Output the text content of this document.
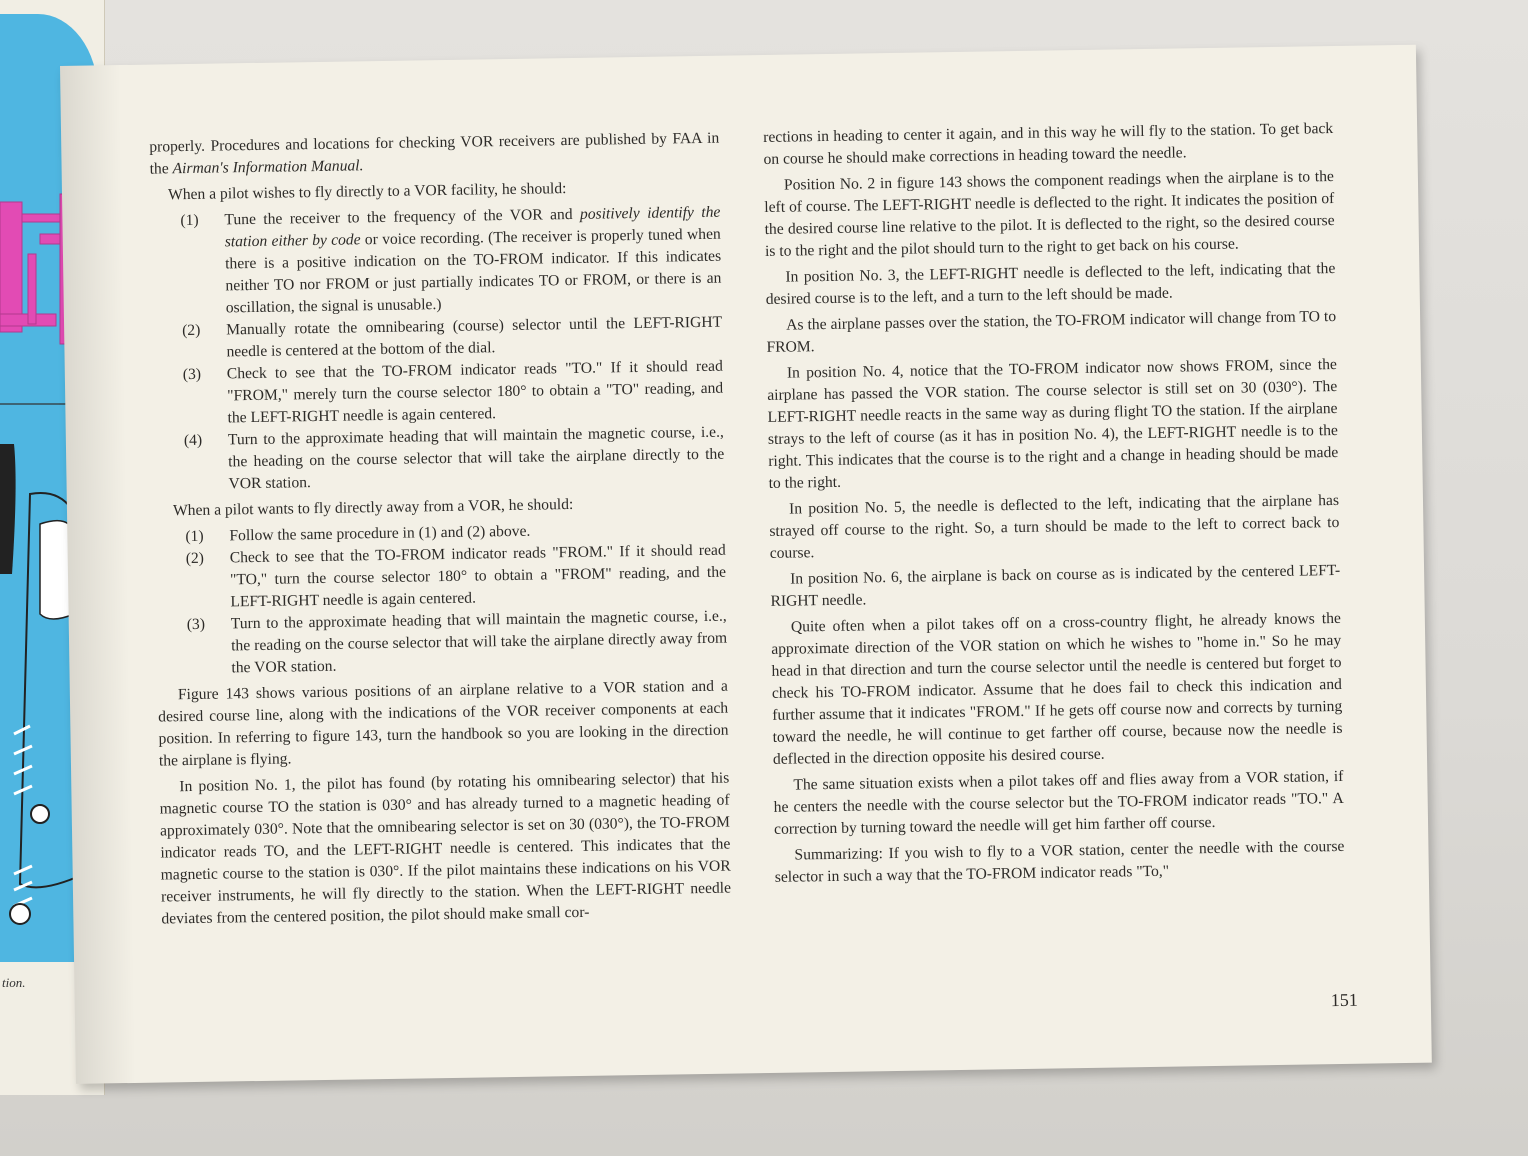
tion.

properly. Procedures and locations for checking VOR receivers are published by FAA in the Airman's Information Manual.

When a pilot wishes to fly directly to a VOR facility, he should:

(1) Tune the receiver to the frequency of the VOR and positively identify the station either by code or voice recording. (The receiver is properly tuned when there is a positive indication on the TO-FROM indicator. If this indicates neither TO nor FROM or just partially indicates TO or FROM, or there is an oscillation, the signal is unusable.)
(2) Manually rotate the omnibearing (course) selector until the LEFT-RIGHT needle is centered at the bottom of the dial.
(3) Check to see that the TO-FROM indicator reads "TO." If it should read "FROM," merely turn the course selector 180° to obtain a "TO" reading, and the LEFT-RIGHT needle is again centered.
(4) Turn to the approximate heading that will maintain the magnetic course, i.e., the heading on the course selector that will take the airplane directly to the VOR station.

When a pilot wants to fly directly away from a VOR, he should:

(1) Follow the same procedure in (1) and (2) above.
(2) Check to see that the TO-FROM indicator reads "FROM." If it should read "TO," turn the course selector 180° to obtain a "FROM" reading, and the LEFT-RIGHT needle is again centered.
(3) Turn to the approximate heading that will maintain the magnetic course, i.e., the reading on the course selector that will take the airplane directly away from the VOR station.

Figure 143 shows various positions of an airplane relative to a VOR station and a desired course line, along with the indications of the VOR receiver components at each position. In referring to figure 143, turn the handbook so you are looking in the direction the airplane is flying.

In position No. 1, the pilot has found (by rotating his omnibearing selector) that his magnetic course TO the station is 030° and has already turned to a magnetic heading of approximately 030°. Note that the omnibearing selector is set on 30 (030°), the TO-FROM indicator reads TO, and the LEFT-RIGHT needle is centered. This indicates that the magnetic course to the station is 030°. If the pilot maintains these indications on his VOR receiver instruments, he will fly directly to the station. When the LEFT-RIGHT needle deviates from the centered position, the pilot should make small cor-

rections in heading to center it again, and in this way he will fly to the station. To get back on course he should make corrections in heading toward the needle.

Position No. 2 in figure 143 shows the component readings when the airplane is to the left of course. The LEFT-RIGHT needle is deflected to the right. It indicates the position of the desired course line relative to the pilot. It is deflected to the right, so the desired course is to the right and the pilot should turn to the right to get back on his course.

In position No. 3, the LEFT-RIGHT needle is deflected to the left, indicating that the desired course is to the left, and a turn to the left should be made.

As the airplane passes over the station, the TO-FROM indicator will change from TO to FROM.

In position No. 4, notice that the TO-FROM indicator now shows FROM, since the airplane has passed the VOR station. The course selector is still set on 30 (030°). The LEFT-RIGHT needle reacts in the same way as during flight TO the station. If the airplane strays to the left of course (as it has in position No. 4), the LEFT-RIGHT needle is to the right. This indicates that the course is to the right and a change in heading should be made to the right.

In position No. 5, the needle is deflected to the left, indicating that the airplane has strayed off course to the right. So, a turn should be made to the left to correct back to course.

In position No. 6, the airplane is back on course as is indicated by the centered LEFT-RIGHT needle.

Quite often when a pilot takes off on a cross-country flight, he already knows the approximate direction of the VOR station on which he wishes to "home in." So he may head in that direction and turn the course selector until the needle is centered but forget to check his TO-FROM indicator. Assume that he does fail to check this indication and further assume that it indicates "FROM." If he gets off course now and corrects by turning toward the needle, he will continue to get farther off course, because now the needle is deflected in the direction opposite his desired course.

The same situation exists when a pilot takes off and flies away from a VOR station, if he centers the needle with the course selector but the TO-FROM indicator reads "TO." A correction by turning toward the needle will get him farther off course.

Summarizing: If you wish to fly to a VOR station, center the needle with the course selector in such a way that the TO-FROM indicator reads "To,"

151
